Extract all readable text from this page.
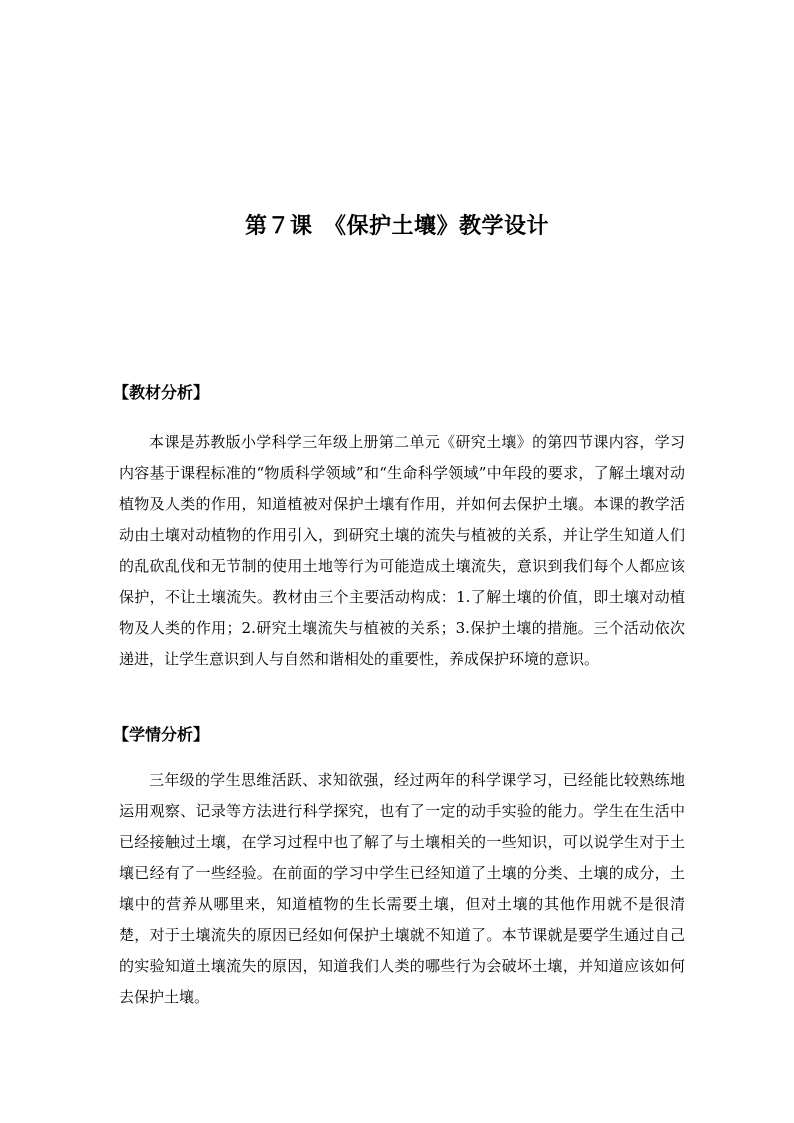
第７课　《保护土壤》教学设计
【教材分析】

本课是苏教版小学科学三年级上册第二单元《研究土壤》的第四节课内容，学习内容基于课程标准的“物质科学领域”和“生命科学领域”中年段的要求，了解土壤对动植物及人类的作用，知道植被对保护土壤有作用，并如何去保护土壤。本课的教学活动由土壤对动植物的作用引入，到研究土壤的流失与植被的关系，并让学生知道人们的乱砍乱伐和无节制的使用土地等行为可能造成土壤流失，意识到我们每个人都应该保护，不让土壤流失。教材由三个主要活动构成：1.了解土壤的价值，即土壤对动植物及人类的作用；2.研究土壤流失与植被的关系；3.保护土壤的措施。三个活动依次递进，让学生意识到人与自然和谐相处的重要性，养成保护环境的意识。

【学情分析】

三年级的学生思维活跃、求知欲强，经过两年的科学课学习，已经能比较熟练地运用观察、记录等方法进行科学探究，也有了一定的动手实验的能力。学生在生活中已经接触过土壤，在学习过程中也了解了与土壤相关的一些知识，可以说学生对于土壤已经有了一些经验。在前面的学习中学生已经知道了土壤的分类、土壤的成分，土壤中的营养从哪里来，知道植物的生长需要土壤，但对土壤的其他作用就不是很清楚，对于土壤流失的原因已经如何保护土壤就不知道了。本节课就是要学生通过自己的实验知道土壤流失的原因，知道我们人类的哪些行为会破坏土壤，并知道应该如何去保护土壤。
